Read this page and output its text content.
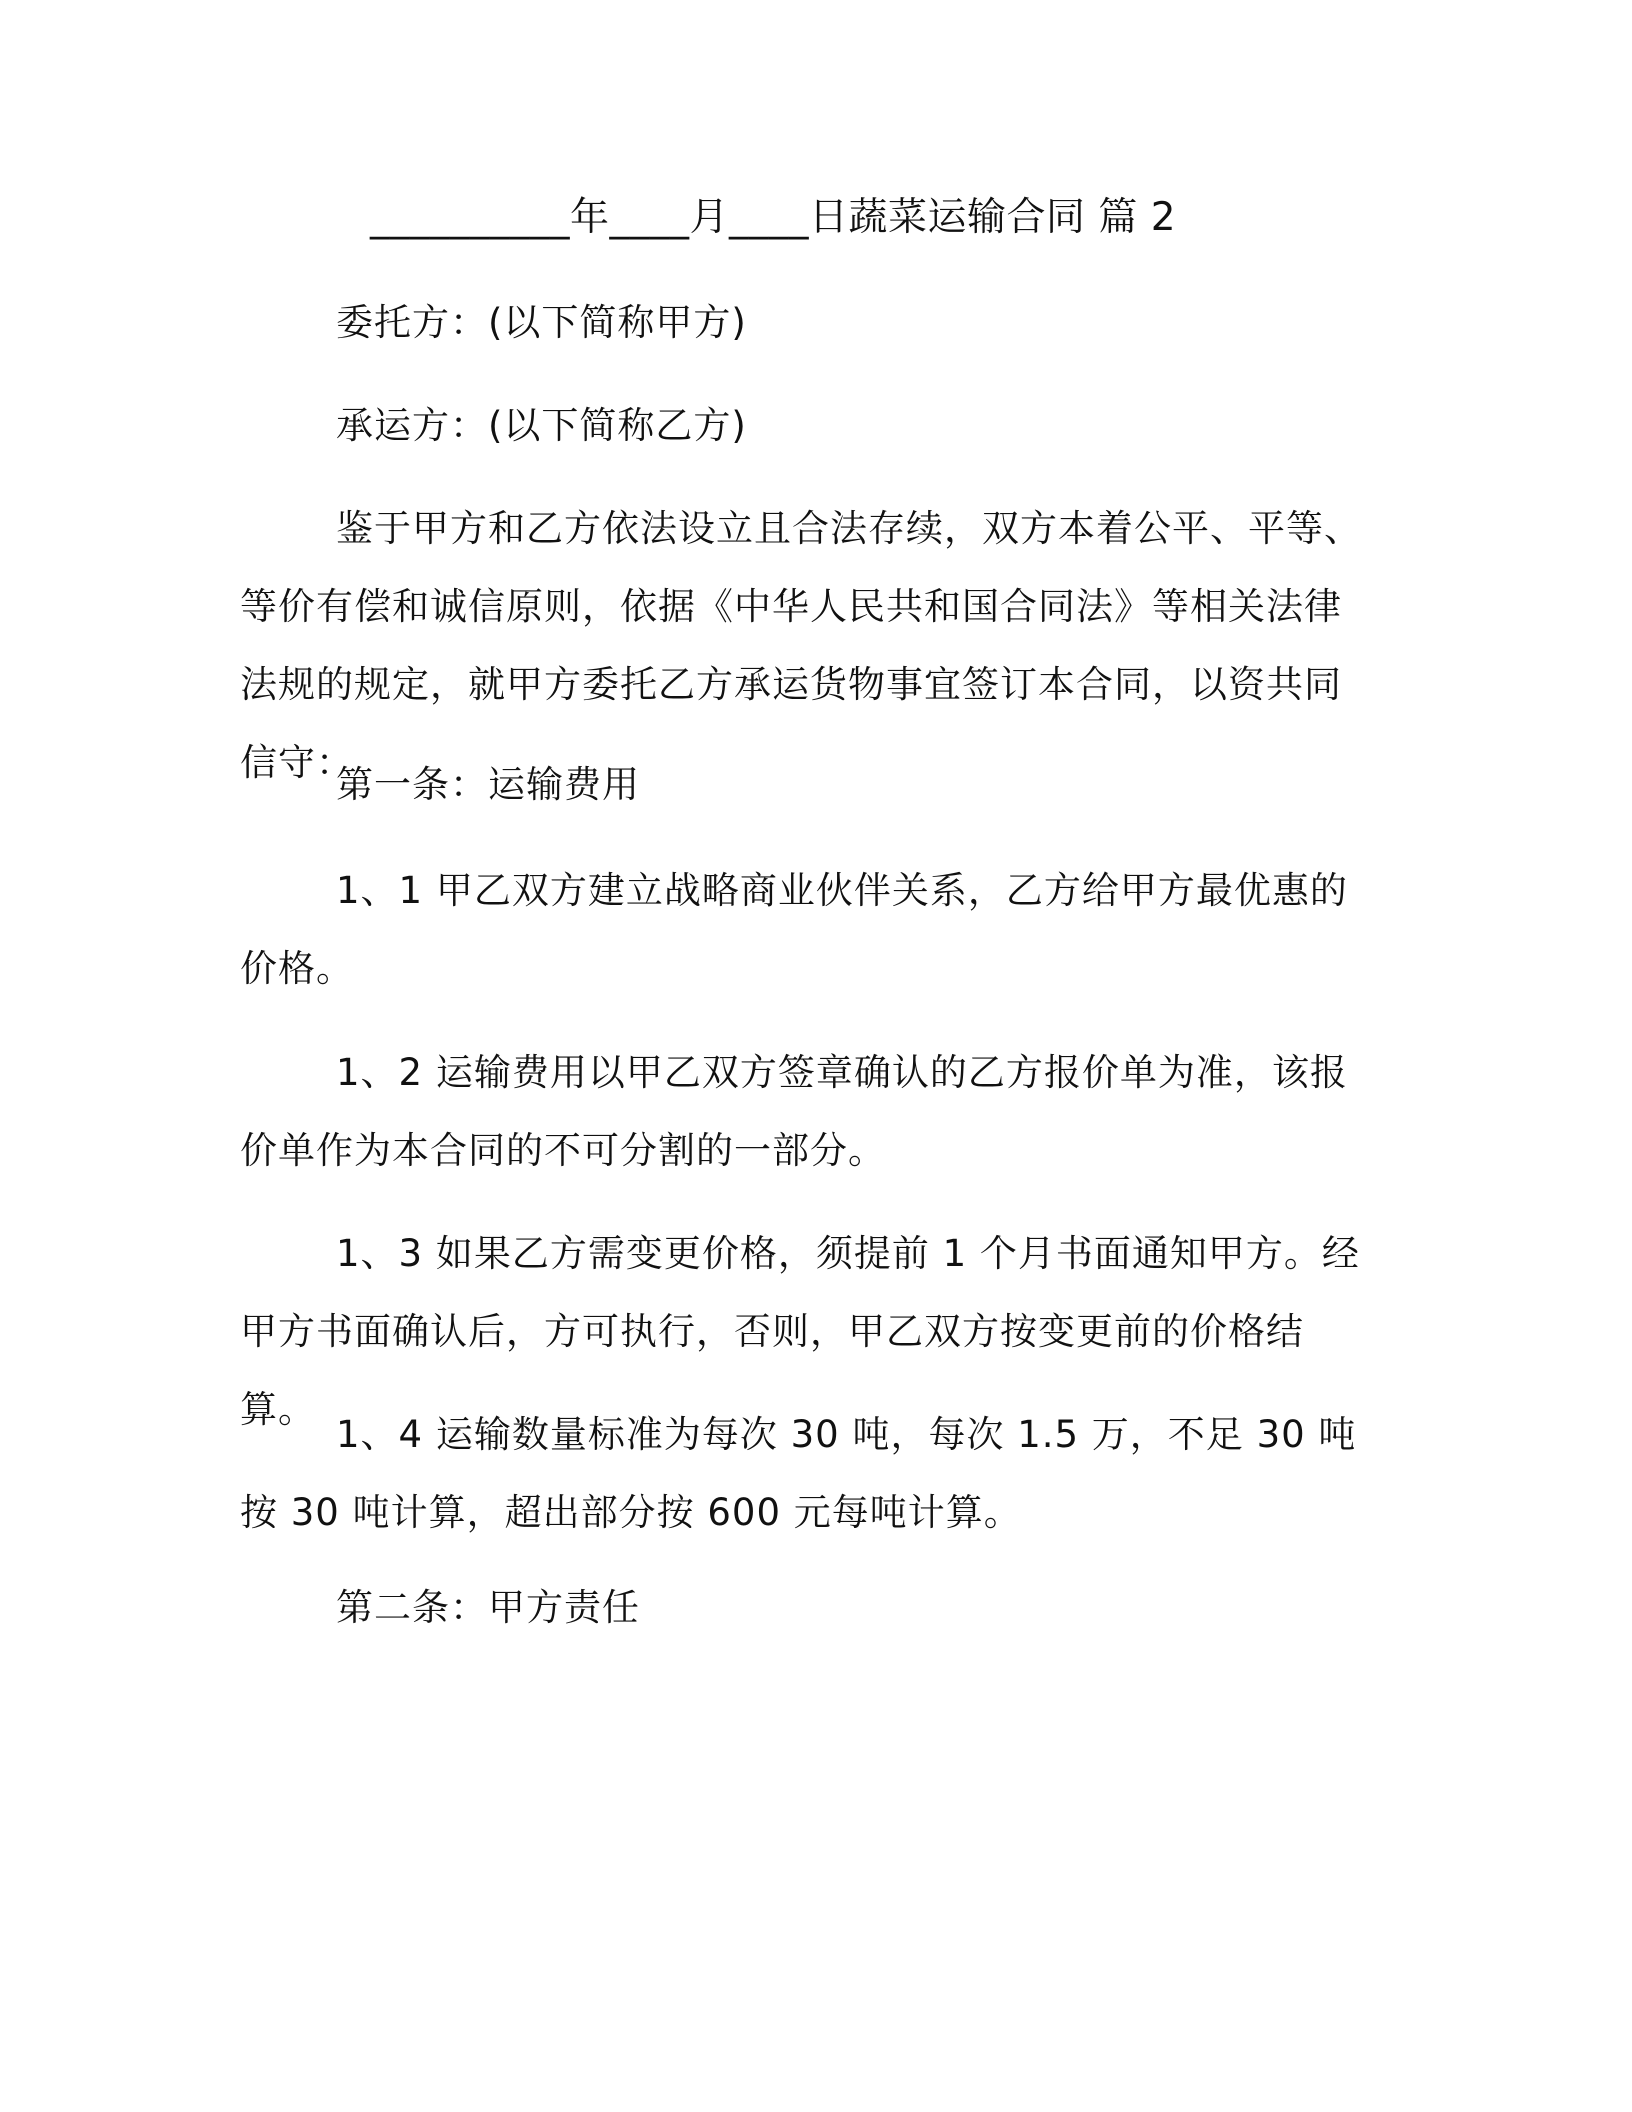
__________年____月____日蔬菜运输合同 篇 2
委托方：(以下简称甲方)
承运方：(以下简称乙方)

鉴于甲方和乙方依法设立且合法存续，双方本着公平、平等、等价有偿和诚信原则，依据《中华人民共和国合同法》等相关法律法规的规定，就甲方委托乙方承运货物事宜签订本合同，以资共同信守：

第一条：运输费用

1、1 甲乙双方建立战略商业伙伴关系，乙方给甲方最优惠的价格。

1、2 运输费用以甲乙双方签章确认的乙方报价单为准，该报价单作为本合同的不可分割的一部分。

1、3 如果乙方需变更价格，须提前 1 个月书面通知甲方。经甲方书面确认后，方可执行，否则，甲乙双方按变更前的价格结算。

1、4 运输数量标准为每次 30 吨，每次 1.5 万，不足 30 吨按 30 吨计算，超出部分按 600 元每吨计算。

第二条：甲方责任
